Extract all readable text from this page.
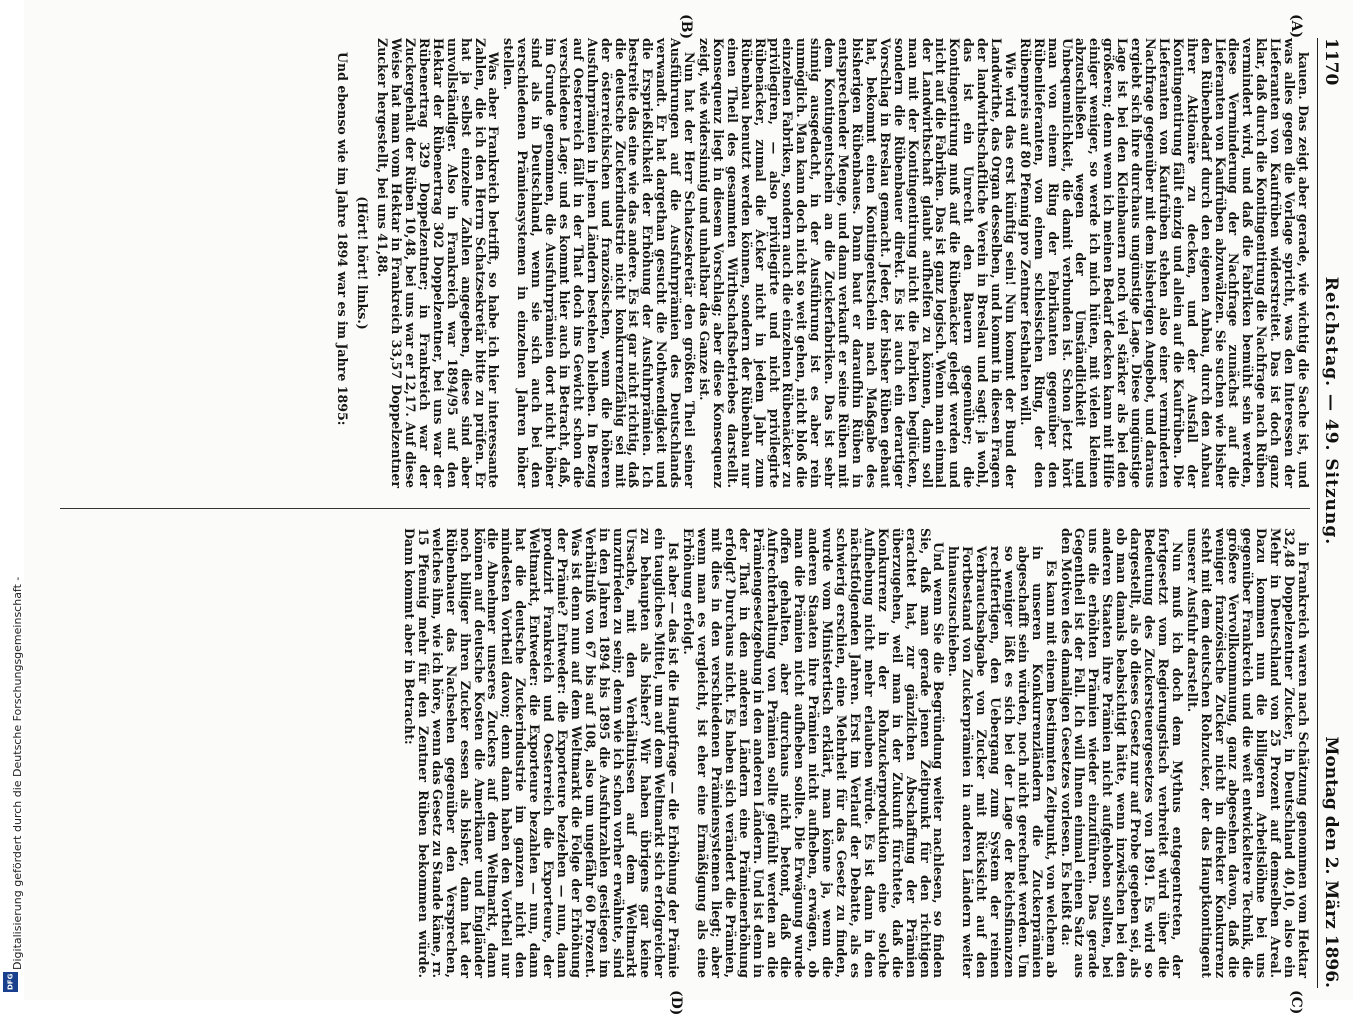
Digitalisierung gefördert durch die Deutsche Forschungsgemeinschaft -
DFG
1170
Reichstag. — 49. Sitzung.
Montag den 2. März 1896.

kauen. Das zeigt aber gerade, wie wichtig die Sache ist, und was alles gegen die Vorlage spricht, was den Interessen der Lieferanten von Kaufrüben widerstreitet. Das ist doch ganz klar, daß durch die Kontingentirung die Nachfrage nach Rüben vermindert wird, und daß die Fabriken bemüht sein werden, diese Verminderung der Nachfrage zunächst auf die Lieferanten von Kaufrüben abzuwälzen. Sie suchen wie bisher den Rübenbedarf durch den eigenen Anbau, durch den Anbau ihrer Aktionäre zu decken, und der Ausfall der Kontingentirung fällt einzig und allein auf die Kaufrüben. Die Lieferanten von Kaufrüben stehen also einer verminderten Nachfrage gegenüber mit dem bisherigen Angebot, und daraus ergiebt sich ihre durchaus ungünstige Lage. Diese ungünstige Lage ist bei den Kleinbauern noch viel stärker als bei den größeren; denn wenn ich meinen Bedarf decken kann mit Hilfe einiger weniger, so werde ich mich hüten, mit vielen kleinen abzuschließen wegen der Umständlichkeit und Unbequemlichkeit, die damit verbunden ist. Schon jetzt hört man von einem Ring der Fabrikanten gegenüber den Rübenlieferanten, von einem schlesischen Ring, der den Rübenpreis auf 80 Pfennig pro Zentner festhalten will.

Wie wird das erst künftig sein! Nun kommt der Bund der Landwirthe, das Organ desselben, und kommt in diesen Fragen der landwirthschaftliche Verein in Breslau und sagt: ja wohl, das ist ein Unrecht den Bauern gegenüber; die Kontingentirung muß auf die Rübenäcker gelegt werden und nicht auf die Fabriken. Das ist ganz logisch. Wenn man einmal der Landwirthschaft glaubt aufhelfen zu können, dann soll man mit der Kontingentirung nicht die Fabriken beglücken, sondern die Rübenbauer direkt. Es ist auch ein derartiger Vorschlag in Breslau gemacht. Jeder, der bisher Rüben gebaut hat, bekommt einen Kontingentschein nach Maßgabe des bisherigen Rübenbaues. Dann baut er daraufhin Rüben in entsprechender Menge, und dann verkauft er seine Rüben mit dem Kontingentschein an die Zuckerfabriken. Das ist sehr sinnig ausgedacht, in der Ausführung ist es aber rein unmöglich. Man kann doch nicht so weit gehen, nicht bloß die einzelnen Fabriken, sondern auch die einzelnen Rübenäcker zu privilegiren, — also privilegirte und nicht privilegirte Rübenäcker, zumal die Äcker nicht in jedem Jahr zum Rübenbau benutzt werden können, sondern der Rübenbau nur einen Theil des gesammten Wirthschaftsbetriebes darstellt. Konsequenz liegt in diesem Vorschlag; aber diese Konsequenz zeigt, wie widersinnig und unhaltbar das Ganze ist.

Nun hat der Herr Schatzsekretär den größten Theil seiner Ausführungen auf die Ausfuhrprämien des Deutschlands verwandt. Er hat dargethan gesucht die Nothwendigkeit und die Ersprießlichkeit der Erhöhung der Ausfuhrprämien. Ich bestreite das eine wie das andere. Es ist gar nicht richtig, daß die deutsche Zuckerindustrie nicht konkurrenzfähig sei mit der österreichischen und französischen, wenn die höheren Ausfuhrprämien in jenen Ländern bestehen bleiben. In Bezug auf Oesterreich fällt in der That doch ins Gewicht schon die verschiedene Lage; und es kommt hier auch in Betracht, daß, im Grunde genommen, die Ausfuhrprämien dort nicht höher sind als in Deutschland, wenn sie sich auch bei den verschiedenen Prämiensystemen in einzelnen Jahren höher stellen.

Was aber Frankreich betrifft, so habe ich hier interessante Zahlen, die ich den Herrn Schatzsekretär bitte zu prüfen. Er hat ja selbst einzelne Zahlen angegeben, diese sind aber unvollständiger. Also in Frankreich war 1894/95 auf den Hektar der Rübenertrag 302 Doppelzentner, bei uns war der Rübenertrag 329 Doppelzentner; in Frankreich war der Zuckergehalt der Rüben 10,48, bei uns war er 12,17. Auf diese Weise hat man vom Hektar in Frankreich 33,57 Doppelzentner Zucker hergestellt, bei uns 41,88.

(Hört! hört! links.)

Und ebenso wie im Jahre 1894 war es im Jahre 1895:

in Frankreich waren nach Schätzung genommen vom Hektar 32,48 Doppelzentner Zucker, in Deutschland 40,10, also ein Mehr in Deutschland von 25 Prozent auf demselben Areal. Dazu kommen nun die billigeren Arbeitslöhne bei uns gegenüber Frankreich und die weit entwickeltere Technik, die größere Vervollkommnung, ganz abgesehen davon, daß die weniger französische Zucker nicht in direkter Konkurrenz steht mit dem deutschen Rohzucker, der das Hauptkontingent unserer Ausfuhr darstellt.

Nun muß ich doch dem Mythus entgegentreten, der fortgesetzt vom Regierungstisch verbreitet wird über die Bedeutung des Zuckersteuergesetzes von 1891. Es wird so dargestellt, als ob dieses Gesetz nur auf Probe gegeben sei, als ob man damals beabsichtigt hätte, wenn inzwischen bei den anderen Staaten ihre Prämien nicht aufgehoben sollten, bei uns die erhöhten Prämien wieder einzuführen. Das gerade Gegentheil ist der Fall. Ich will Ihnen einmal einen Satz aus den Motiven des damaligen Gesetzes vorlesen. Es heißt da:

Es kann mit einem bestimmten Zeitpunkt, von welchem ab in unseren Konkurrenzländern die Zuckerprämien abgeschafft sein würden, noch nicht gerechnet werden. Um so weniger läßt es sich bei der Lage der Reichsfinanzen rechtfertigen, den Uebergang zum System der reinen Verbrauchsabgabe von Zucker mit Rücksicht auf den Fortbestand von Zuckerprämien in anderen Ländern weiter hinauszuschieben.

Und wenn Sie die Begründung weiter nachlesen, so finden Sie, daß man gerade jenen Zeitpunkt für den richtigen erachtet hat, zur gänzlichen Abschaffung der Prämien überzugehen, weil man in der Zukunft fürchtete, daß die Konkurrenz in der Rohzuckerproduktion eine solche Aufhebung nicht mehr erlauben würde. Es ist dann in den nächstfolgenden Jahren. Erst im Verlauf der Debatte, als es schwierig erschien, eine Mehrheit für das Gesetz zu finden, wurde vom Ministertisch erklärt, man könne ja, wenn die anderen Staaten ihre Prämien nicht aufheben, erwägen, ob man die Prämien nicht aufheben sollte. Die Erwägung wurde offen gehalten, aber durchaus nicht betont, daß die Aufrechterhaltung von Prämien sollte gefühlt werden an die Prämiengesetzgebung in den anderen Ländern. Und ist denn in der That in den anderen Ländern eine Prämienerhöhung erfolgt? Durchaus nicht. Es haben sich verändert die Prämien, mit dies in den verschiedenen Prämiensystemen liegt; aber wenn man es vergleicht, ist eher eine Ermäßigung als eine Erhöhung erfolgt.

Ist aber — das ist die Hauptfrage — die Erhöhung der Prämie ein taugliches Mittel, um auf dem Weltmarkt sich erfolgreicher zu behaupten als bisher? Wir haben übrigens gar keine Ursache, mit den Verhältnissen auf dem Weltmarkt unzufrieden zu sein; denn wie ich schon vorher erwähnte, sind in den Jahren 1894 bis 1895 die Ausfuhrzahlen gestiegen im Verhältniß von 67 bis auf 108, also um ungefähr 60 Prozent. Was ist denn nun auf dem Weltmarkt die Folge der Erhöhung der Prämie? Entweder: die Exporteure beziehen — nun, dann produzirt Frankreich und Oesterreich die Exporteure, der Weltmarkt, Entweder: die Exporteure bezahlen — nun, dann hat die deutsche Zuckerindustrie im ganzen nicht den mindesten Vortheil davon; denn dann haben den Vortheil nur die Abnehmer unseres Zuckers auf dem Weltmarkt, dann können auf deutsche Kosten die Amerikaner und Engländer noch billiger ihren Zucker essen als bisher, dann hat der Rübenbauer das Nachsehen gegenüber den Versprechen, welches ihm, wie ich höre, wenn das Gesetz zu Stande käme, rr. 15 Pfennig mehr für den Zentner Rüben bekommen würde. Dann kommt aber in Betracht:

(A)
(B)
(C)
(D)
